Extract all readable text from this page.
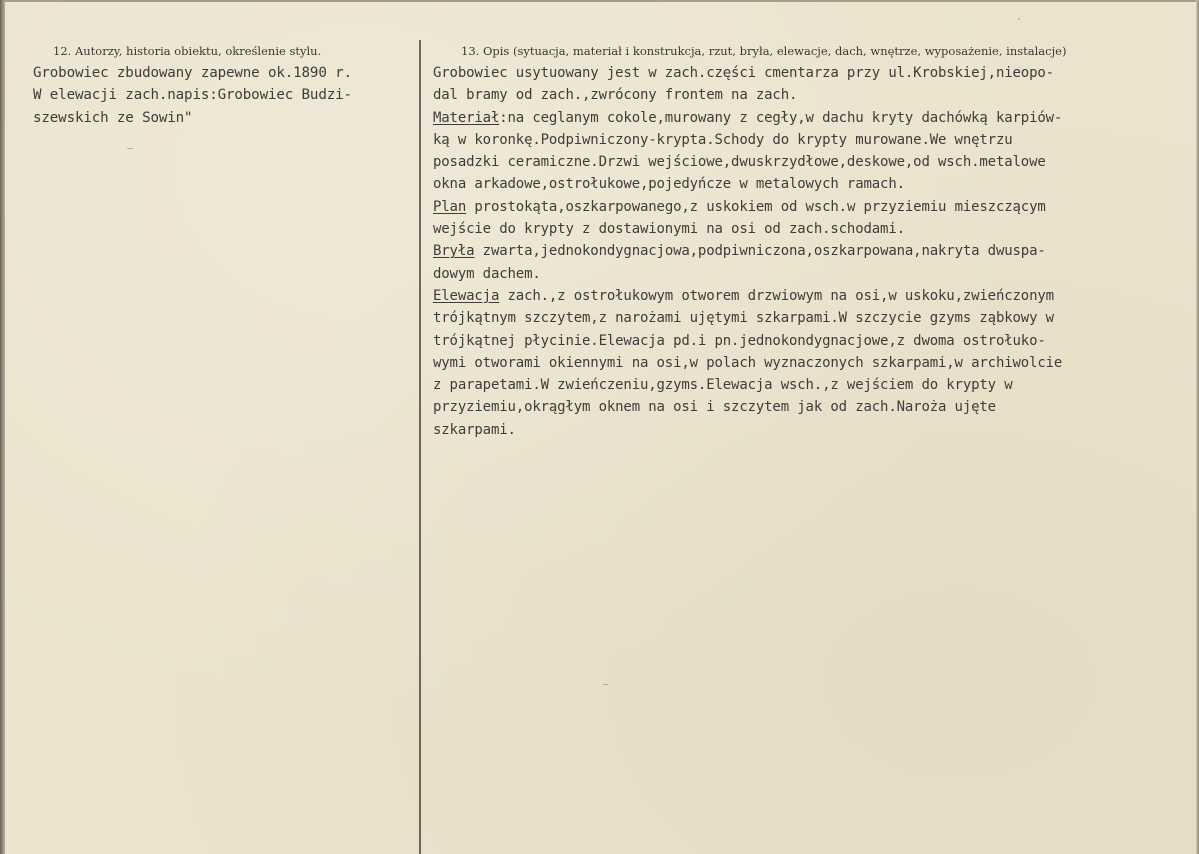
12. Autorzy, historia obiektu, określenie stylu.
Grobowiec zbudowany zapewne ok.1890 r.
W elewacji zach.napis:Grobowiec Budzi-
szewskich ze Sowin"
13. Opis (sytuacja, materiał i konstrukcja, rzut, bryła, elewacje, dach, wnętrze, wyposażenie, instalacje)
Grobowiec usytuowany jest w zach.części cmentarza przy ul.Krobskiej,nieopo-
dal bramy od zach.,zwrócony frontem na zach.
Materiał:na ceglanym cokole,murowany z cegły,w dachu kryty dachówką karpiów-
ką w koronkę.Podpiwniczony-krypta.Schody do krypty murowane.We wnętrzu
posadzki ceramiczne.Drzwi wejściowe,dwuskrzydłowe,deskowe,od wsch.metalowe
okna arkadowe,ostrołukowe,pojedyńcze w metalowych ramach.
Plan prostokąta,oszkarpowanego,z uskokiem od wsch.w przyziemiu mieszczącym
wejście do krypty z dostawionymi na osi od zach.schodami.
Bryła zwarta,jednokondygnacjowa,podpiwniczona,oszkarpowana,nakryta dwuspa-
dowym dachem.
Elewacja zach.,z ostrołukowym otworem drzwiowym na osi,w uskoku,zwieńczonym
trójkątnym szczytem,z narożami ujętymi szkarpami.W szczycie gzyms ząbkowy w
trójkątnej płycinie.Elewacja pd.i pn.jednokondygnacjowe,z dwoma ostrołuko-
wymi otworami okiennymi na osi,w polach wyznaczonych szkarpami,w archiwolcie
z parapetami.W zwieńczeniu,gzyms.Elewacja wsch.,z wejściem do krypty w
przyziemiu,okrągłym oknem na osi i szczytem jak od zach.Naroża ujęte
szkarpami.
